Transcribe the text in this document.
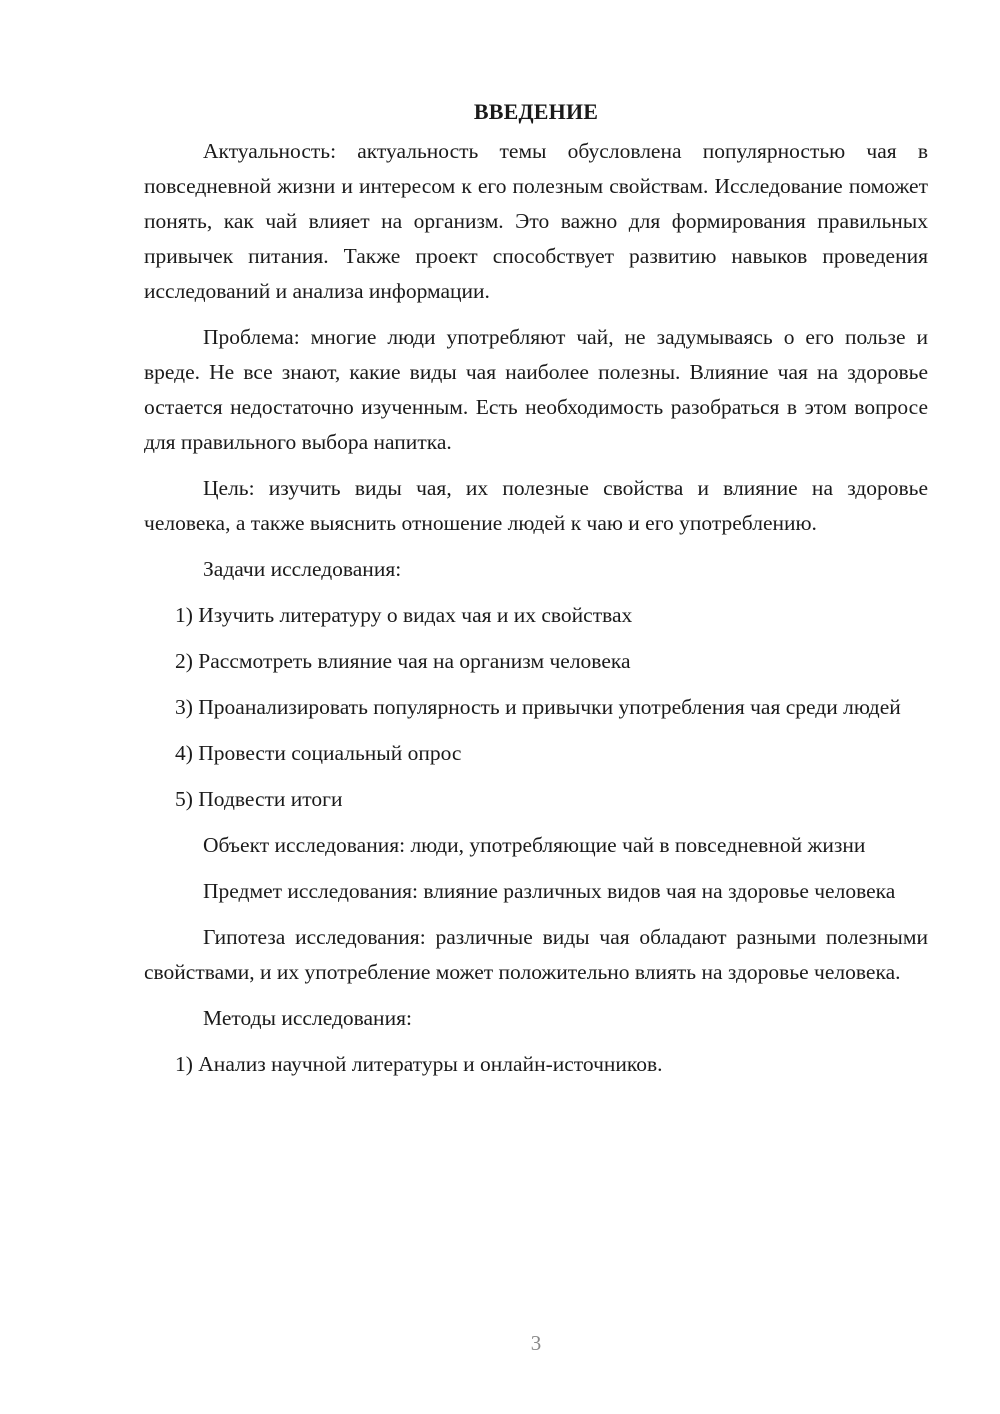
ВВЕДЕНИЕ

Актуальность: актуальность темы обусловлена популярностью чая в повседневной жизни и интересом к его полезным свойствам. Исследование поможет понять, как чай влияет на организм. Это важно для формирования правильных привычек питания. Также проект способствует развитию навыков проведения исследований и анализа информации.

Проблема: многие люди употребляют чай, не задумываясь о его пользе и вреде. Не все знают, какие виды чая наиболее полезны. Влияние чая на здоровье остается недостаточно изученным. Есть необходимость разобраться в этом вопросе для правильного выбора напитка.

Цель: изучить виды чая, их полезные свойства и влияние на здоровье человека, а также выяснить отношение людей к чаю и его употреблению.

Задачи исследования:

1) Изучить литературу о видах чая и их свойствах

2) Рассмотреть влияние чая на организм человека

3) Проанализировать популярность и привычки употребления чая среди людей

4) Провести социальный опрос

5) Подвести итоги

Объект исследования: люди, употребляющие чай в повседневной жизни

Предмет исследования: влияние различных видов чая на здоровье человека

Гипотеза исследования: различные виды чая обладают разными полезными свойствами, и их употребление может положительно влиять на здоровье человека.

Методы исследования:

1) Анализ научной литературы и онлайн-источников.

3
